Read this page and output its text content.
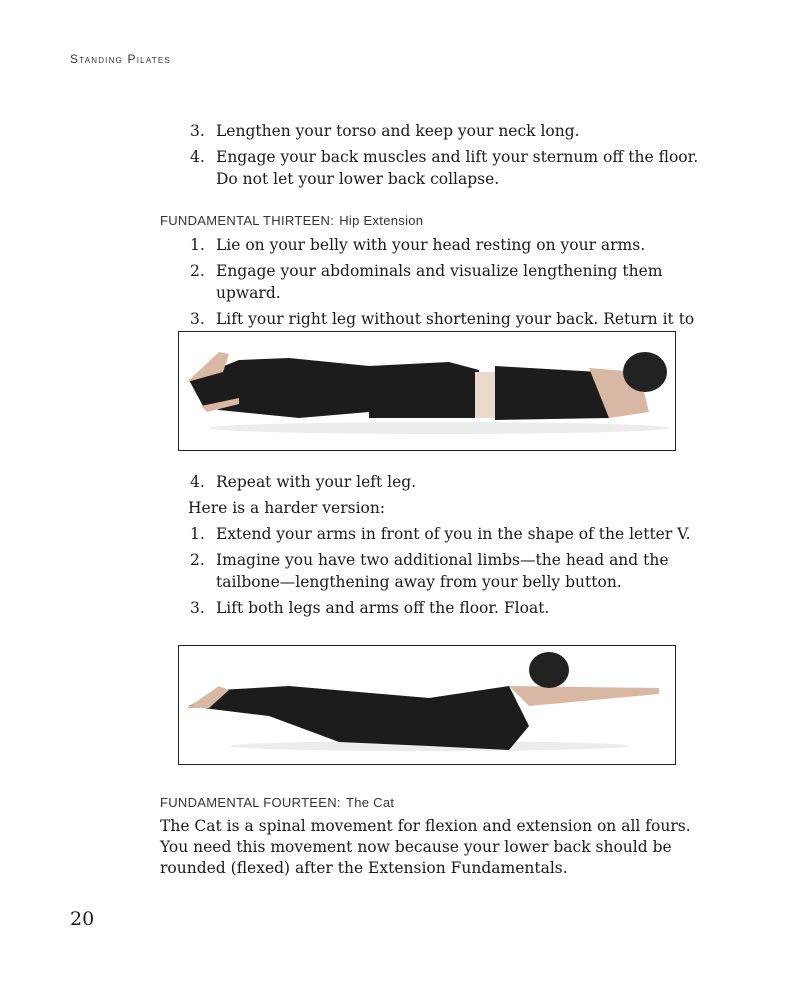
Standing Pilates
3. Lengthen your torso and keep your neck long.
4. Engage your back muscles and lift your sternum off the floor. Do not let your lower back collapse.
FUNDAMENTAL THIRTEEN: Hip Extension
1. Lie on your belly with your head resting on your arms.
2. Engage your abdominals and visualize lengthening them upward.
3. Lift your right leg without shortening your back. Return it to
4. Repeat with your left leg.

Here is a harder version:

1. Extend your arms in front of you in the shape of the letter V.
2. Imagine you have two additional limbs—the head and the tailbone—lengthening away from your belly button.
3. Lift both legs and arms off the floor. Float.
FUNDAMENTAL FOURTEEN: The Cat

The Cat is a spinal movement for flexion and extension on all fours. You need this movement now because your lower back should be rounded (flexed) after the Extension Fundamentals.

20
